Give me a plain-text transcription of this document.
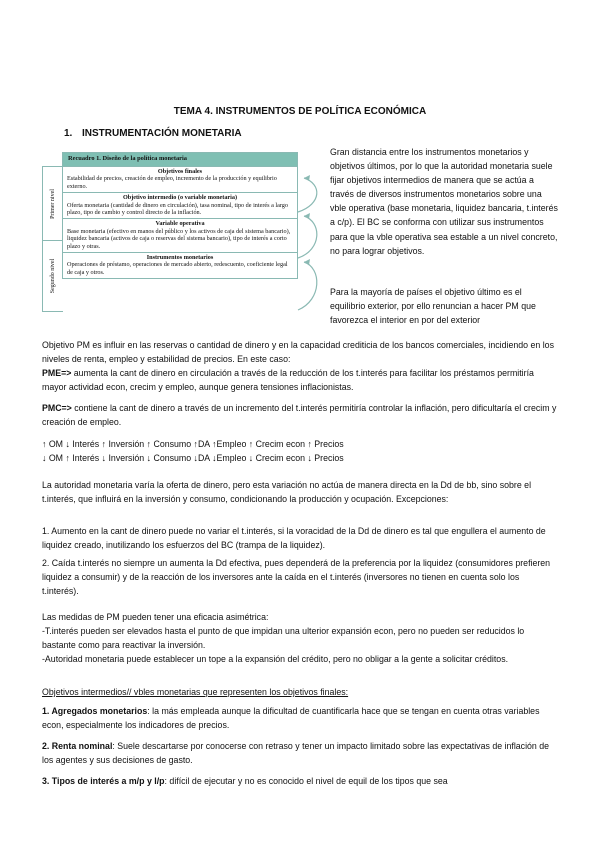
TEMA 4. INSTRUMENTOS DE POLÍTICA ECONÓMICA
1. INSTRUMENTACIÓN MONETARIA
Primer nivel
Segundo nivel
Recuadro 1. Diseño de la política monetaria
Objetivos finales
Estabilidad de precios, creación de empleo, incremento de la producción y equilibrio externo.
Objetivo intermedio (o variable monetaria)
Oferta monetaria (cantidad de dinero en circulación), tasa nominal, tipo de interés a largo plazo, tipo de cambio y control directo de la inflación.
Variable operativa
Base monetaria (efectivo en manos del público y los activos de caja del sistema bancario), liquidez bancaria (activos de caja o reservas del sistema bancario), tipo de interés a corto plazo y otras.
Instrumentos monetarios
Operaciones de préstamo, operaciones de mercado abierto, redescuento, coeficiente legal de caja y otros.
Gran distancia entre los instrumentos monetarios y objetivos últimos, por lo que la autoridad monetaria suele fijar objetivos intermedios de manera que se actúa a través de diversos instrumentos monetarios sobre una vble operativa (base monetaria, liquidez bancaria, t.interés a c/p). El BC se conforma con utilizar sus instrumentos para que la vble operativa sea estable a un nivel concreto, no para lograr objetivos.
Para la mayoría de países el objetivo último es el equilibrio exterior, por ello renuncian a hacer PM que favorezca el interior en por del exterior
Objetivo PM es influir en las reservas o cantidad de dinero y en la capacidad crediticia de los bancos comerciales, incidiendo en los niveles de renta, empleo y estabilidad de precios. En este caso:
PME=> aumenta la cant de dinero en circulación a través de la reducción de los t.interés para facilitar los préstamos permitiría mayor actividad econ, crecim y empleo, aunque genera tensiones inflacionistas.
PMC=> contiene la cant de dinero a través de un incremento del t.interés permitiría controlar la inflación, pero dificultaría el crecim y creación de empleo.
↑ OM ↓ Interés ↑ Inversión ↑ Consumo ↑DA ↑Empleo ↑ Crecim econ ↑ Precios
↓ OM ↑ Interés ↓ Inversión ↓ Consumo ↓DA ↓Empleo ↓ Crecim econ ↓ Precios
La autoridad monetaria varía la oferta de dinero, pero esta variación no actúa de manera directa en la Dd de bb, sino sobre el t.interés, que influirá en la inversión y consumo, condicionando la producción y ocupación. Excepciones:
1. Aumento en la cant de dinero puede no variar el t.interés, si la voracidad de la Dd de dinero es tal que engullera el aumento de liquidez creado, inutilizando los esfuerzos del BC (trampa de la liquidez).
2. Caída t.interés no siempre un aumenta la Dd efectiva, pues dependerá de la preferencia por la liquidez (consumidores prefieren liquidez a consumir) y de la reacción de los inversores ante la caída en el t.interés (inversores no tienen en cuenta solo los t.interés).
Las medidas de PM pueden tener una eficacia asimétrica:
-T.interés pueden ser elevados hasta el punto de que impidan una ulterior expansión econ, pero no pueden ser reducidos lo bastante como para reactivar la inversión.
-Autoridad monetaria puede establecer un tope a la expansión del crédito, pero no obligar a la gente a solicitar créditos.
Objetivos intermedios// vbles monetarias que representen los objetivos finales:
1. Agregados monetarios: la más empleada aunque la dificultad de cuantificarla hace que se tengan en cuenta otras variables econ, especialmente los indicadores de precios.
2. Renta nominal: Suele descartarse por conocerse con retraso y tener un impacto limitado sobre las expectativas de inflación de los agentes y sus decisiones de gasto.
3. Tipos de interés a m/p y l/p: difícil de ejecutar y no es conocido el nivel de equil de los tipos que sea
